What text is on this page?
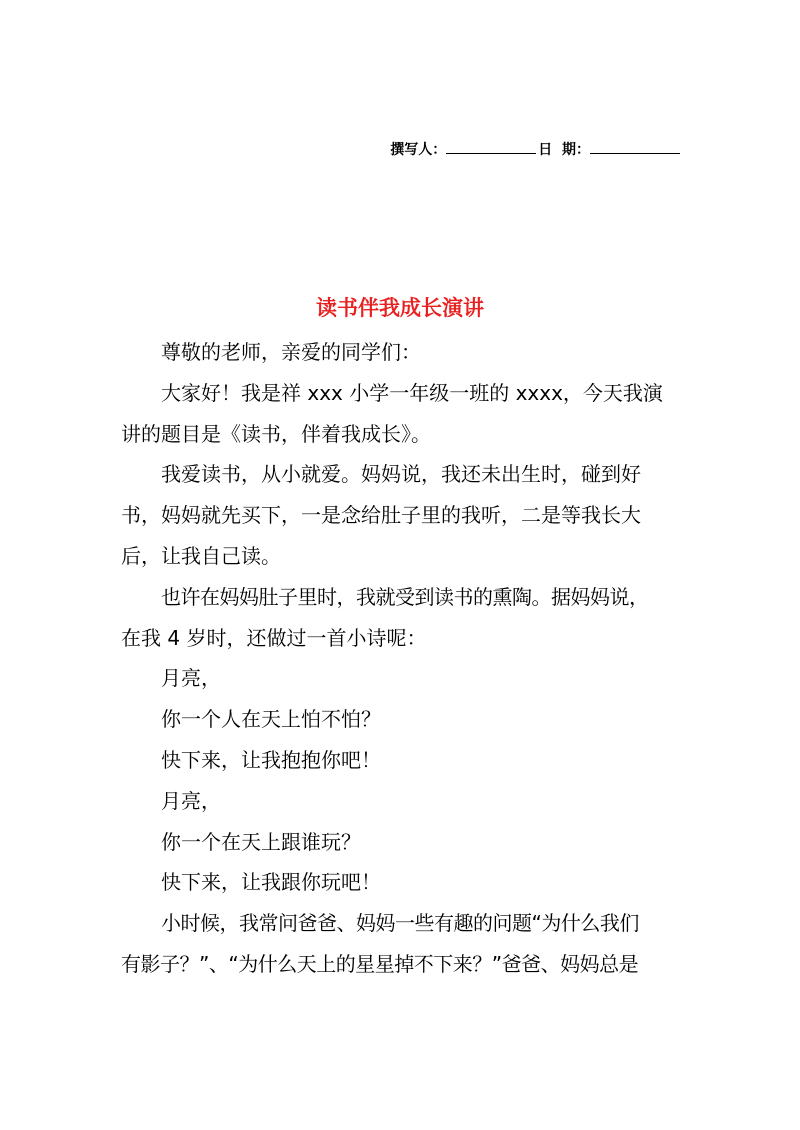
撰写人：	日  期：
读书伴我成长演讲

尊敬的老师，亲爱的同学们：

大家好！我是祥 xxx 小学一年级一班的 xxxx，今天我演

讲的题目是《读书，伴着我成长》。

我爱读书，从小就爱。妈妈说，我还未出生时，碰到好

书，妈妈就先买下，一是念给肚子里的我听，二是等我长大

后，让我自己读。

也许在妈妈肚子里时，我就受到读书的熏陶。据妈妈说，

在我 4 岁时，还做过一首小诗呢：

月亮，

你一个人在天上怕不怕？

快下来，让我抱抱你吧！

月亮，

你一个在天上跟谁玩？

快下来，让我跟你玩吧！

小时候，我常问爸爸、妈妈一些有趣的问题“为什么我们

有影子？”、“为什么天上的星星掉不下来？”爸爸、妈妈总是
